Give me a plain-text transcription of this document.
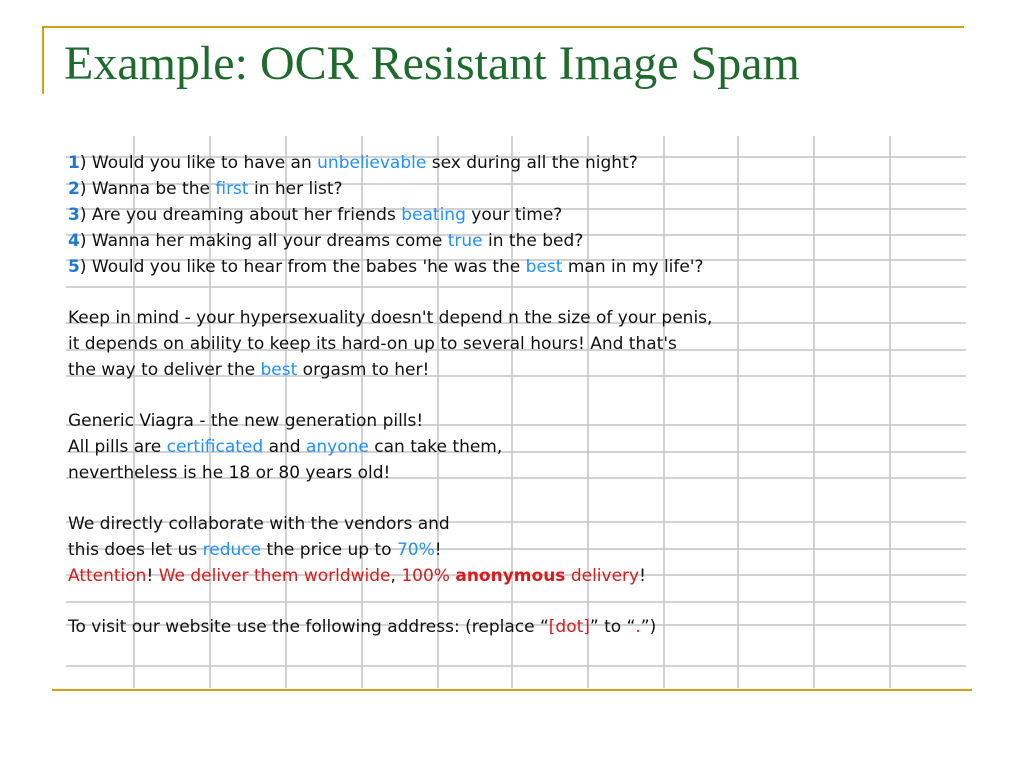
Example: OCR Resistant Image Spam
1) Would you like to have an unbelievable sex during all the night?
2) Wanna be the first in her list?
3) Are you dreaming about her friends beating your time?
4) Wanna her making all your dreams come true in the bed?
5) Would you like to hear from the babes 'he was the best man in my life'?
Keep in mind - your hypersexuality doesn't depend n the size of your penis,
it depends on ability to keep its hard-on up to several hours! And that's
the way to deliver the best orgasm to her!
Generic Viagra - the new generation pills!
All pills are certificated and anyone can take them,
nevertheless is he 18 or 80 years old!
We directly collaborate with the vendors and
this does let us reduce the price up to 70%!
Attention! We deliver them worldwide, 100% anonymous delivery!
To visit our website use the following address: (replace “[dot]” to “.”)
